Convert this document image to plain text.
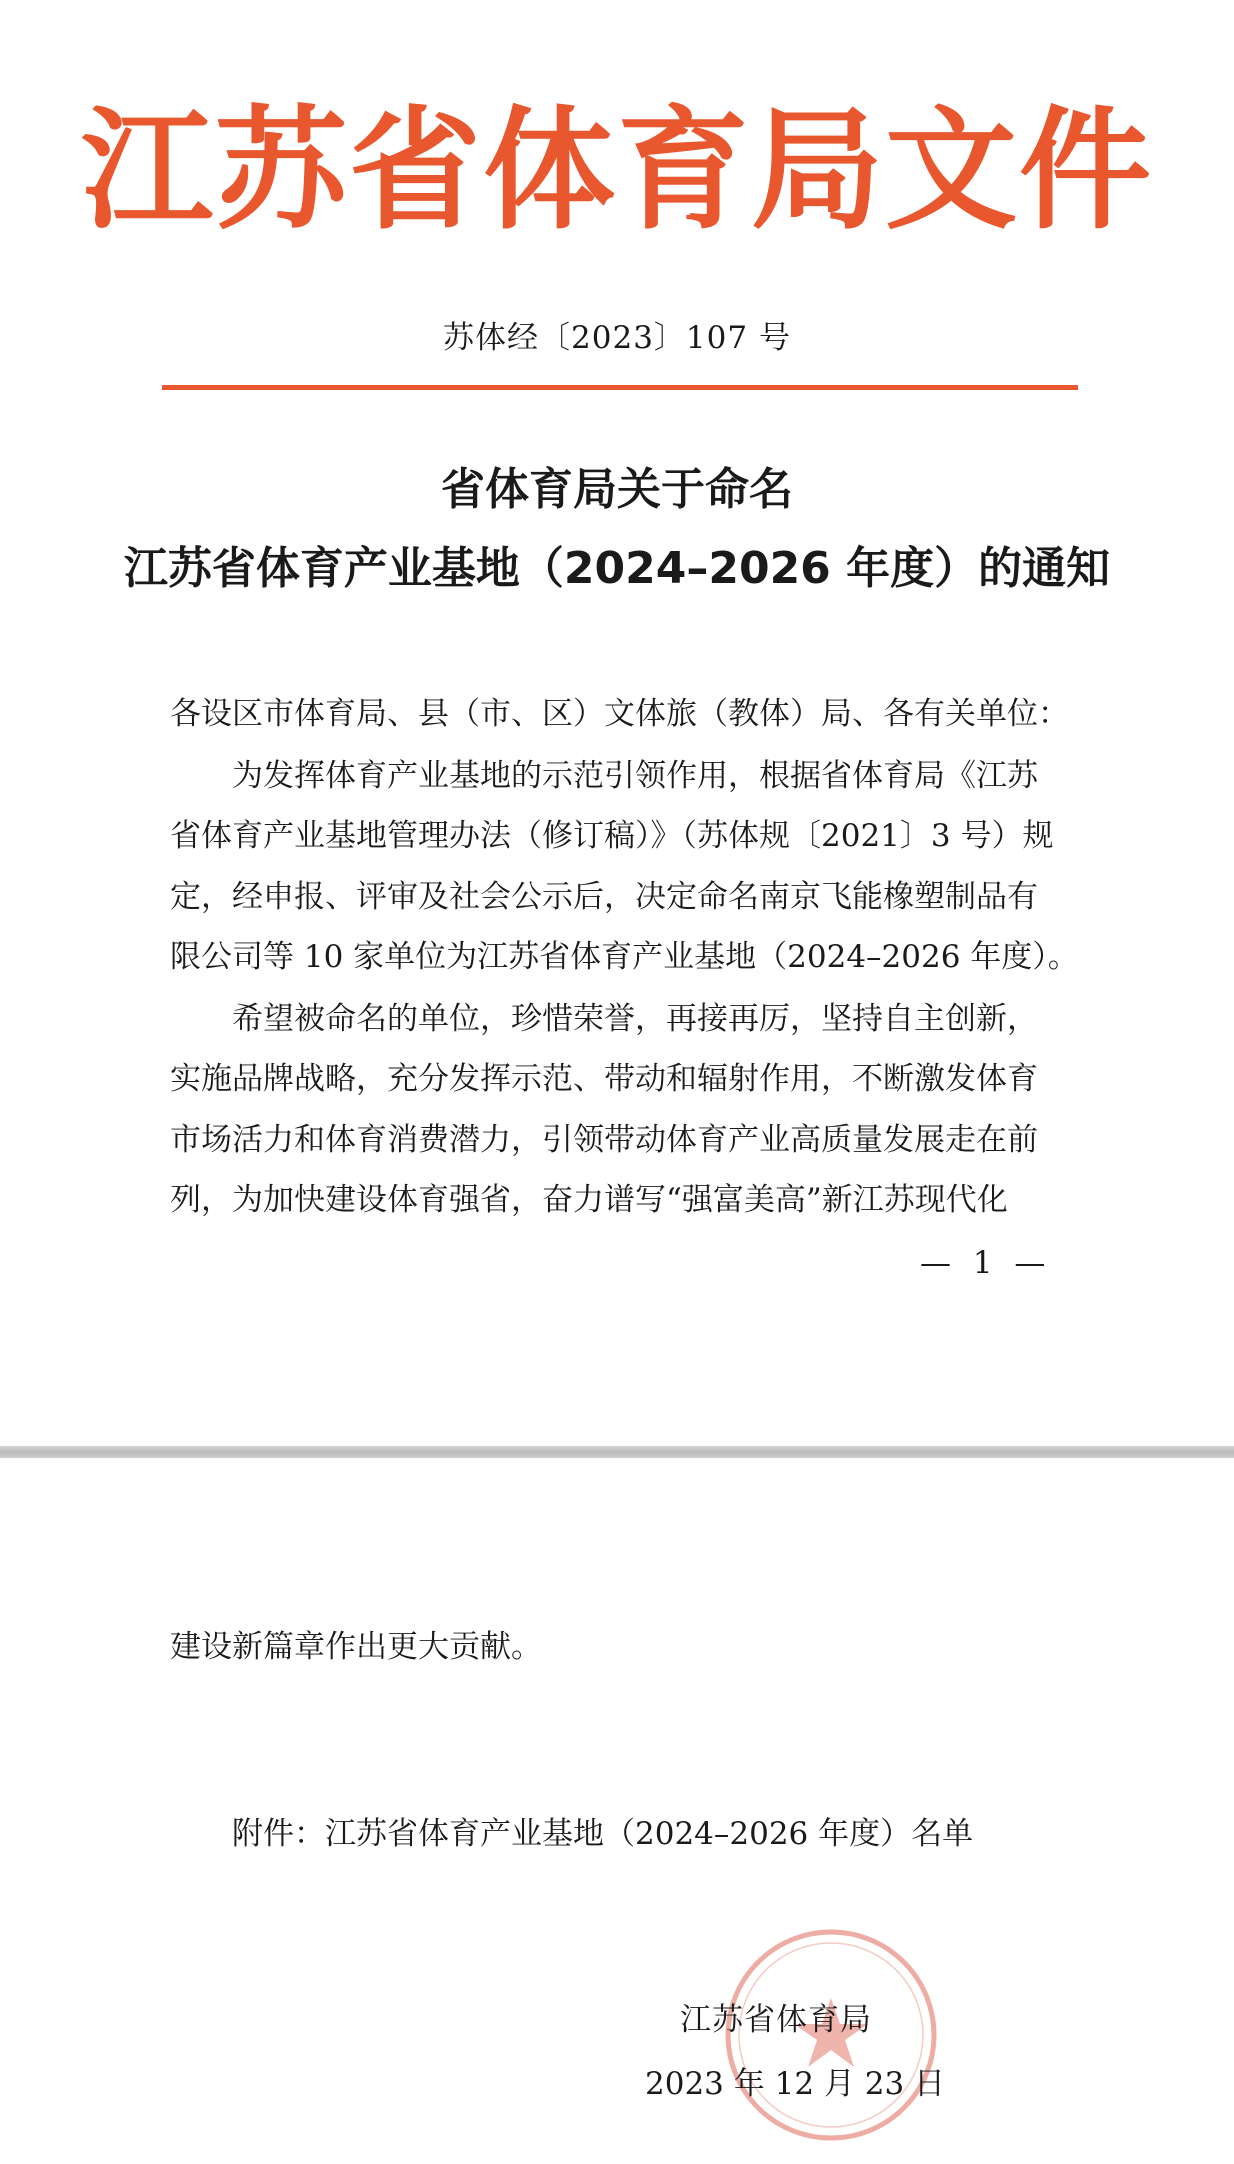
江苏省体育局文件
苏体经〔2023〕107 号
省体育局关于命名
江苏省体育产业基地（2024–2026 年度）的通知
各设区市体育局、县（市、区）文体旅（教体）局、各有关单位：
为发挥体育产业基地的示范引领作用，根据省体育局《江苏
省体育产业基地管理办法（修订稿）》（苏体规〔2021〕3 号）规
定，经申报、评审及社会公示后，决定命名南京飞能橡塑制品有
限公司等 10 家单位为江苏省体育产业基地（2024–2026 年度）。
希望被命名的单位，珍惜荣誉，再接再厉，坚持自主创新，
实施品牌战略，充分发挥示范、带动和辐射作用，不断激发体育
市场活力和体育消费潜力，引领带动体育产业高质量发展走在前
列，为加快建设体育强省，奋力谱写“强富美高”新江苏现代化
— 1 —
建设新篇章作出更大贡献。
附件：江苏省体育产业基地（2024–2026 年度）名单
江苏省体育局
2023 年 12 月 23 日
